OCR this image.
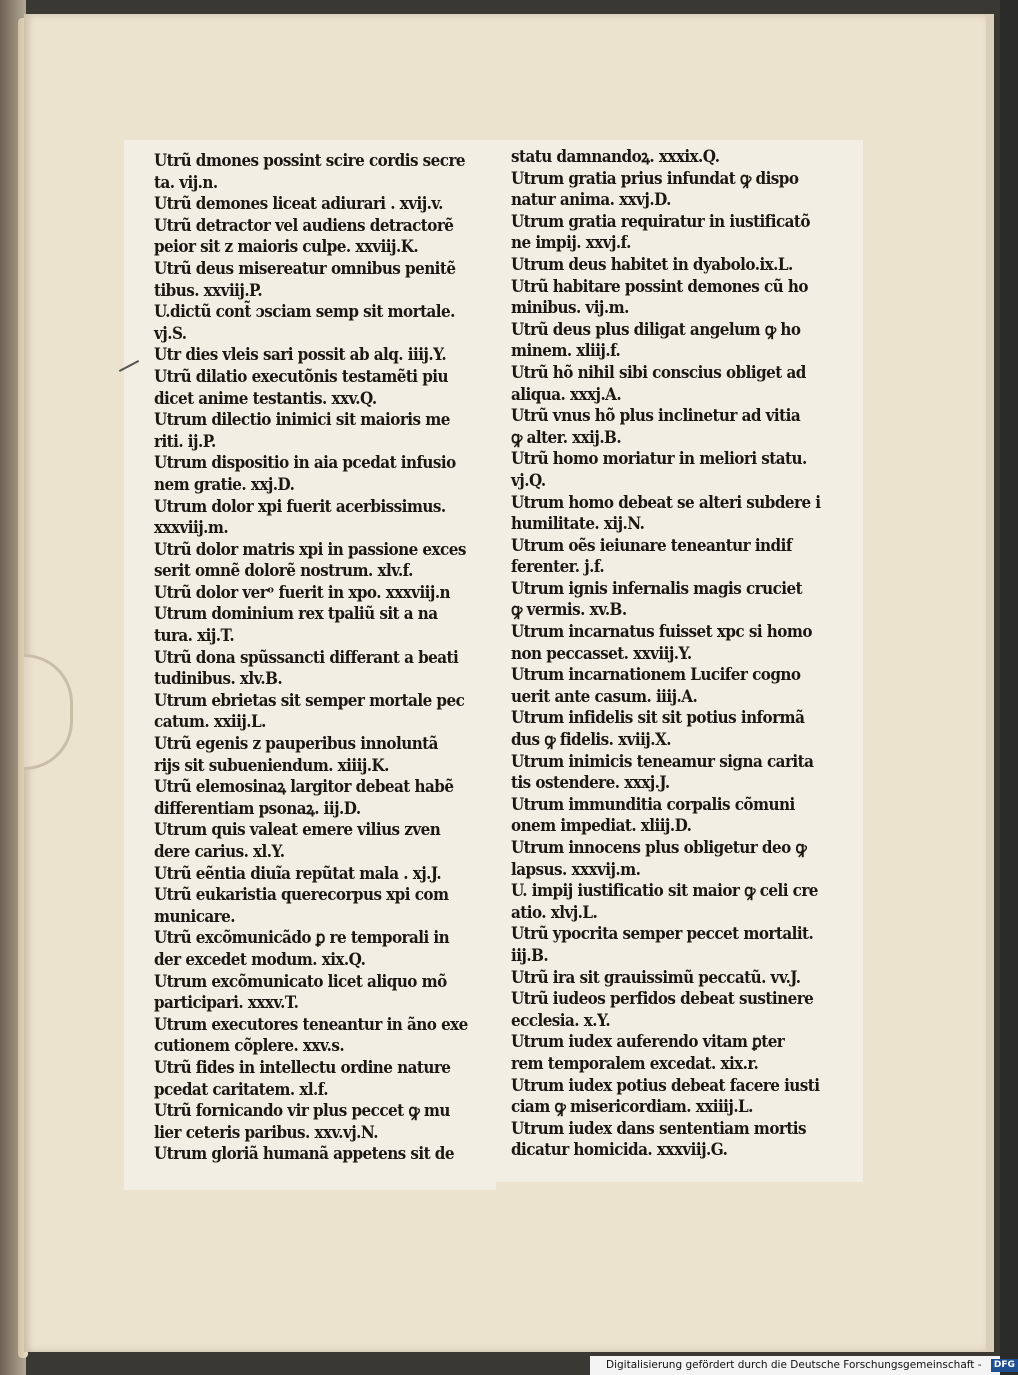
Utrũ dmones possint scire cordis secre
ta. vij.n.
Utrũ demones liceat adiurari . xvij.v.
Utrũ detractor vel audiens detractorẽ
peior sit z maioris culpe. xxviij.K.
Utrũ deus misereatur omnibus penitẽ
tibus. xxviij.P.
U.dictũ cont̃ ɔsciam semp sit mortale.
vj.S.
Utr dies vleis sari possit ab alq. iiij.Y.
Utrũ dilatio executõnis testamẽti piu
dicet anime testantis. xxv.Q.
Utrum dilectio inimici sit maioris me
riti. ij.P.
Utrum dispositio in aia pcedat infusio
nem gratie. xxj.D.
Utrum dolor xpi fuerit acerbissimus.
xxxviij.m.
Utrũ dolor matris xpi in passione exces
serit omnẽ dolorẽ nostrum. xlv.f.
Utrũ dolor verᵒ fuerit in xpo. xxxviij.n
Utrum dominium rex tpaliũ sit a na
tura. xij.T.
Utrũ dona spũssancti differant a beati
tudinibus. xlv.B.
Utrum ebrietas sit semper mortale pec
catum. xxiij.L.
Utrũ egenis z pauperibus innoluntã
rijs sit subueniendum. xiiij.K.
Utrũ elemosinaꝝ largitor debeat habẽ
differentiam psonaꝝ. iij.D.
Utrum quis valeat emere vilius zven
dere carius. xl.Y.
Utrũ eẽntia diuĩa repũtat mala . xj.J.
Utrũ eukaristia querecorpus xpi com
municare.
Utrũ excõmunicãdo ꝑ re temporali in
der excedet modum. xix.Q.
Utrum excõmunicato licet aliquo mõ
participari. xxxv.T.
Utrum executores teneantur in ãno exe
cutionem cõplere. xxv.s.
Utrũ fides in intellectu ordine nature
pcedat caritatem. xl.f.
Utrũ fornicando vir plus peccet ꝙ mu
lier ceteris paribus. xxv.vj.N.
Utrum gloriã humanã appetens sit de
statu damnandoꝝ. xxxix.Q.
Utrum gratia prius infundat ꝙ dispo
natur anima. xxvj.D.
Utrum gratia requiratur in iustificatõ
ne impij. xxvj.f.
Utrum deus habitet in dyabolo.ix.L.
Utrũ habitare possint demones cũ ho
minibus. vij.m.
Utrũ deus plus diligat angelum ꝙ ho
minem. xliij.f.
Utrũ hõ nihil sibi conscius obliget ad
aliqua. xxxj.A.
Utrũ vnus hõ plus inclinetur ad vitia
ꝙ alter. xxij.B.
Utrũ homo moriatur in meliori statu.
vj.Q.
Utrum homo debeat se alteri subdere i
humilitate. xij.N.
Utrum oẽs ieiunare teneantur indif
ferenter. j.f.
Utrum ignis infernalis magis cruciet
ꝙ vermis. xv.B.
Utrum incarnatus fuisset xpc si homo
non peccasset. xxviij.Y.
Utrum incarnationem Lucifer cogno
uerit ante casum. iiij.A.
Utrum infidelis sit sit potius informã
dus ꝙ fidelis. xviij.X.
Utrum inimicis teneamur signa carita
tis ostendere. xxxj.J.
Utrum immunditia corpalis cõmuni
onem impediat. xliij.D.
Utrum innocens plus obligetur deo ꝙ
lapsus. xxxvij.m.
U. impij iustificatio sit maior ꝙ celi cre
atio. xlvj.L.
Utrũ ypocrita semper peccet mortalit.
iij.B.
Utrũ ira sit grauissimũ peccatũ. vv.J.
Utrũ iudeos perfidos debeat sustinere
ecclesia. x.Y.
Utrum iudex auferendo vitam ꝑter
rem temporalem excedat. xix.r.
Utrum iudex potius debeat facere iusti
ciam ꝙ misericordiam. xxiiij.L.
Utrum iudex dans sententiam mortis
dicatur homicida. xxxviij.G.
Digitalisierung gefördert durch die Deutsche Forschungsgemeinschaft - DFG
